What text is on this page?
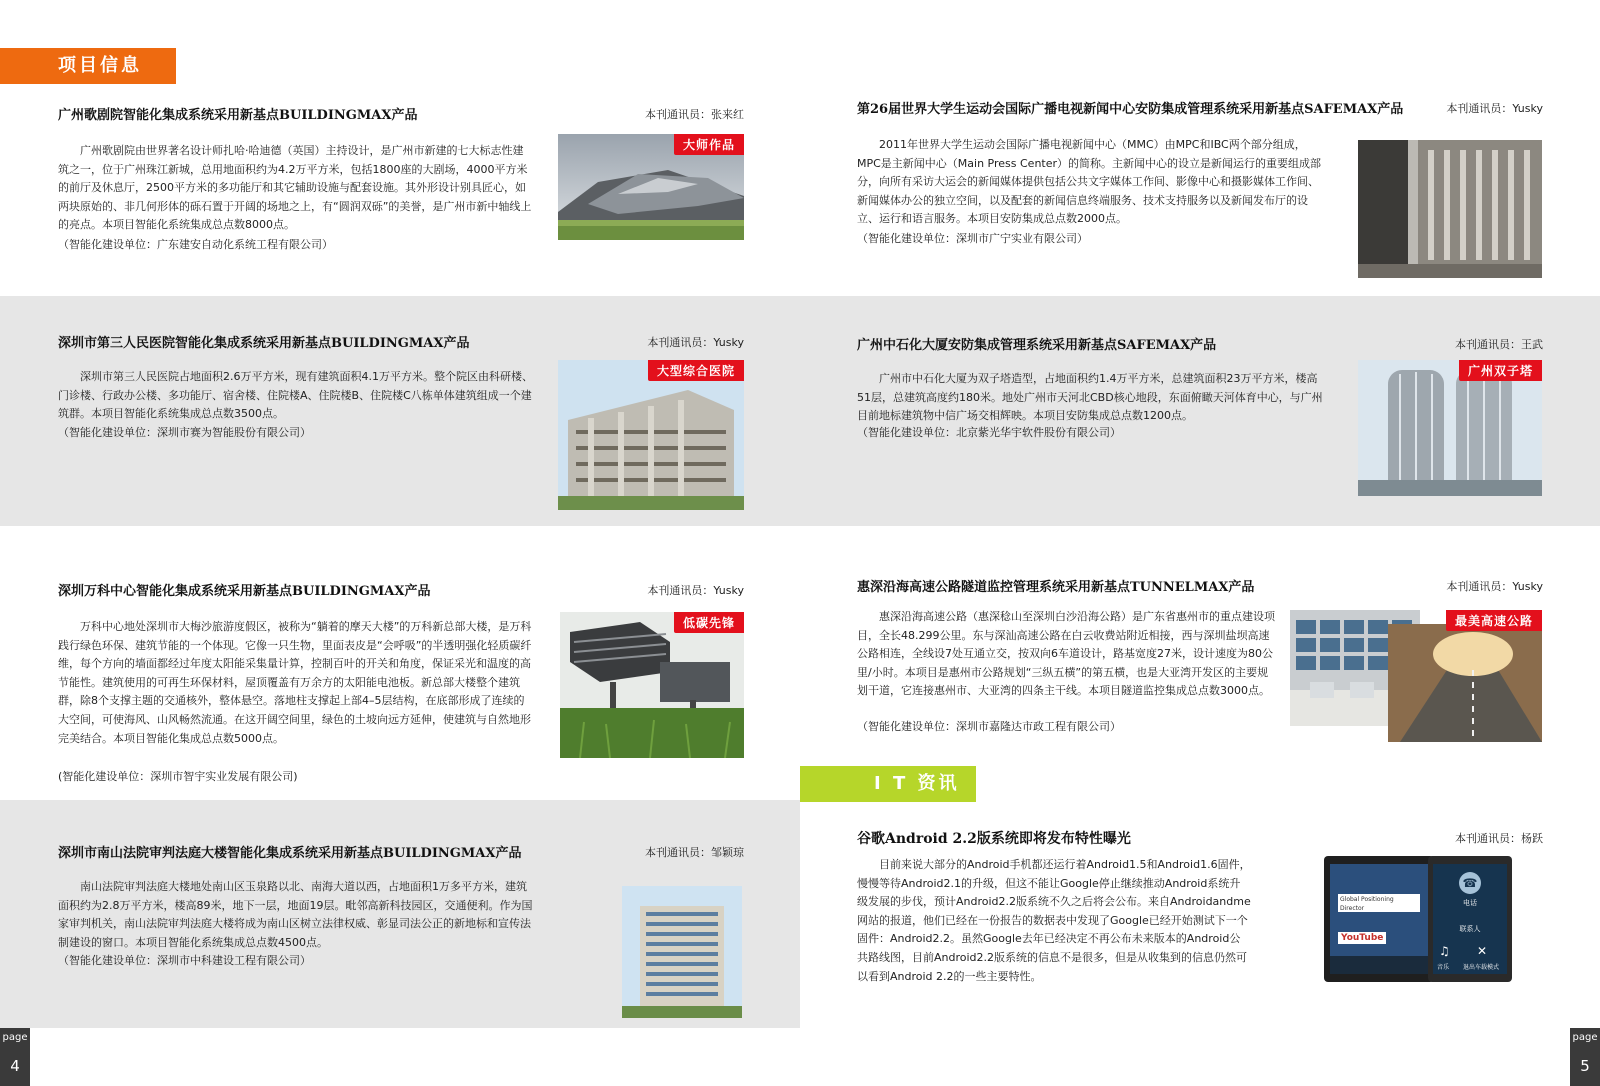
项目信息
I T 资讯
广州歌剧院智能化集成系统采用新基点BUILDINGMAX产品	本刊通讯员：张来红

广州歌剧院由世界著名设计师扎哈·哈迪德（英国）主持设计，是广州市新建的七大标志性建筑之一，位于广州珠江新城，总用地面积约为4.2万平方米，包括1800座的大剧场，4000平方米的前厅及休息厅，2500平方米的多功能厅和其它辅助设施与配套设施。其外形设计别具匠心，如两块原始的、非几何形体的砾石置于开阔的场地之上，有“圆润双砾”的美誉，是广州市新中轴线上的亮点。本项目智能化系统集成总点数8000点。

（智能化建设单位：广东建安自动化系统工程有限公司）
大师作品
深圳市第三人民医院智能化集成系统采用新基点BUILDINGMAX产品	本刊通讯员：Yusky

深圳市第三人民医院占地面积2.6万平方米，现有建筑面积4.1万平方米。整个院区由科研楼、门诊楼、行政办公楼、多功能厅、宿舍楼、住院楼A、住院楼B、住院楼C八栋单体建筑组成一个建筑群。本项目智能化系统集成总点数3500点。

（智能化建设单位：深圳市赛为智能股份有限公司）
大型综合医院
深圳万科中心智能化集成系统采用新基点BUILDINGMAX产品	本刊通讯员：Yusky

万科中心地处深圳市大梅沙旅游度假区，被称为“躺着的摩天大楼”的万科新总部大楼，是万科践行绿色环保、建筑节能的一个体现。它像一只生物，里面表皮是“会呼吸”的半透明强化轻质碳纤维，每个方向的墙面都经过年度太阳能采集量计算，控制百叶的开关和角度，保证采光和温度的高节能性。建筑使用的可再生环保材料，屋顶覆盖有万余方的太阳能电池板。新总部大楼整个建筑群，除8个支撑主题的交通核外，整体悬空。落地柱支撑起上部4–5层结构，在底部形成了连续的大空间，可使海风、山风畅然流通。在这开阔空间里，绿色的土坡向远方延伸，使建筑与自然地形完美结合。本项目智能化集成总点数5000点。

(智能化建设单位：深圳市智宇实业发展有限公司)
低碳先锋
深圳市南山法院审判法庭大楼智能化集成系统采用新基点BUILDINGMAX产品	本刊通讯员：邹颖琼

南山法院审判法庭大楼地处南山区玉泉路以北、南海大道以西，占地面积1万多平方米，建筑面积约为2.8万平方米，楼高89米，地下一层，地面19层。毗邻高新科技园区，交通便利。作为国家审判机关，南山法院审判法庭大楼将成为南山区树立法律权威、彰显司法公正的新地标和宣传法制建设的窗口。本项目智能化系统集成总点数4500点。

（智能化建设单位：深圳市中科建设工程有限公司）
第26届世界大学生运动会国际广播电视新闻中心安防集成管理系统采用新基点SAFEMAX产品	本刊通讯员：Yusky

2011年世界大学生运动会国际广播电视新闻中心（MMC）由MPC和IBC两个部分组成，MPC是主新闻中心（Main Press Center）的简称。主新闻中心的设立是新闻运行的重要组成部分，向所有采访大运会的新闻媒体提供包括公共文字媒体工作间、影像中心和摄影媒体工作间、新闻媒体办公的独立空间，以及配套的新闻信息终端服务、技术支持服务以及新闻发布厅的设立、运行和语言服务。本项目安防集成总点数2000点。

（智能化建设单位：深圳市广宁实业有限公司）
广州中石化大厦安防集成管理系统采用新基点SAFEMAX产品	本刊通讯员：王武

广州市中石化大厦为双子塔造型，占地面积约1.4万平方米，总建筑面积23万平方米，楼高51层，总建筑高度约180米。地处广州市天河北CBD核心地段，东面俯瞰天河体育中心，与广州目前地标建筑物中信广场交相辉映。本项目安防集成总点数1200点。

（智能化建设单位：北京紫光华宇软件股份有限公司）
广州双子塔
惠深沿海高速公路隧道监控管理系统采用新基点TUNNELMAX产品	本刊通讯员：Yusky

惠深沿海高速公路（惠深稔山至深圳白沙沿海公路）是广东省惠州市的重点建设项目，全长48.299公里。东与深汕高速公路在白云收费站附近相接，西与深圳盐坝高速公路相连，全线设7处互通立交，按双向6车道设计，路基宽度27米，设计速度为80公里/小时。本项目是惠州市公路规划“三纵五横”的第五横，也是大亚湾开发区的主要规划干道，它连接惠州市、大亚湾的四条主干线。本项目隧道监控集成总点数3000点。

（智能化建设单位：深圳市嘉隆达市政工程有限公司）
最美高速公路
谷歌Android 2.2版系统即将发布特性曝光	本刊通讯员：杨跃

目前来说大部分的Android手机都还运行着Android1.5和Android1.6固件，慢慢等待Android2.1的升级，但这不能让Google停止继续推动Android系统升级发展的步伐，预计Android2.2版系统不久之后将会公布。来自Androidandme网站的报道，他们已经在一份报告的数据表中发现了Google已经开始测试下一个固件：Android2.2。虽然Google去年已经决定不再公布未来版本的Android公共路线图，目前Android2.2版系统的信息不是很多，但是从收集到的信息仍然可以看到Android 2.2的一些主要特性。

Global Positioning Director
YouTube
☎
电话
联系人
♫ ✕
音乐 退出车载模式
page
4
page
5
